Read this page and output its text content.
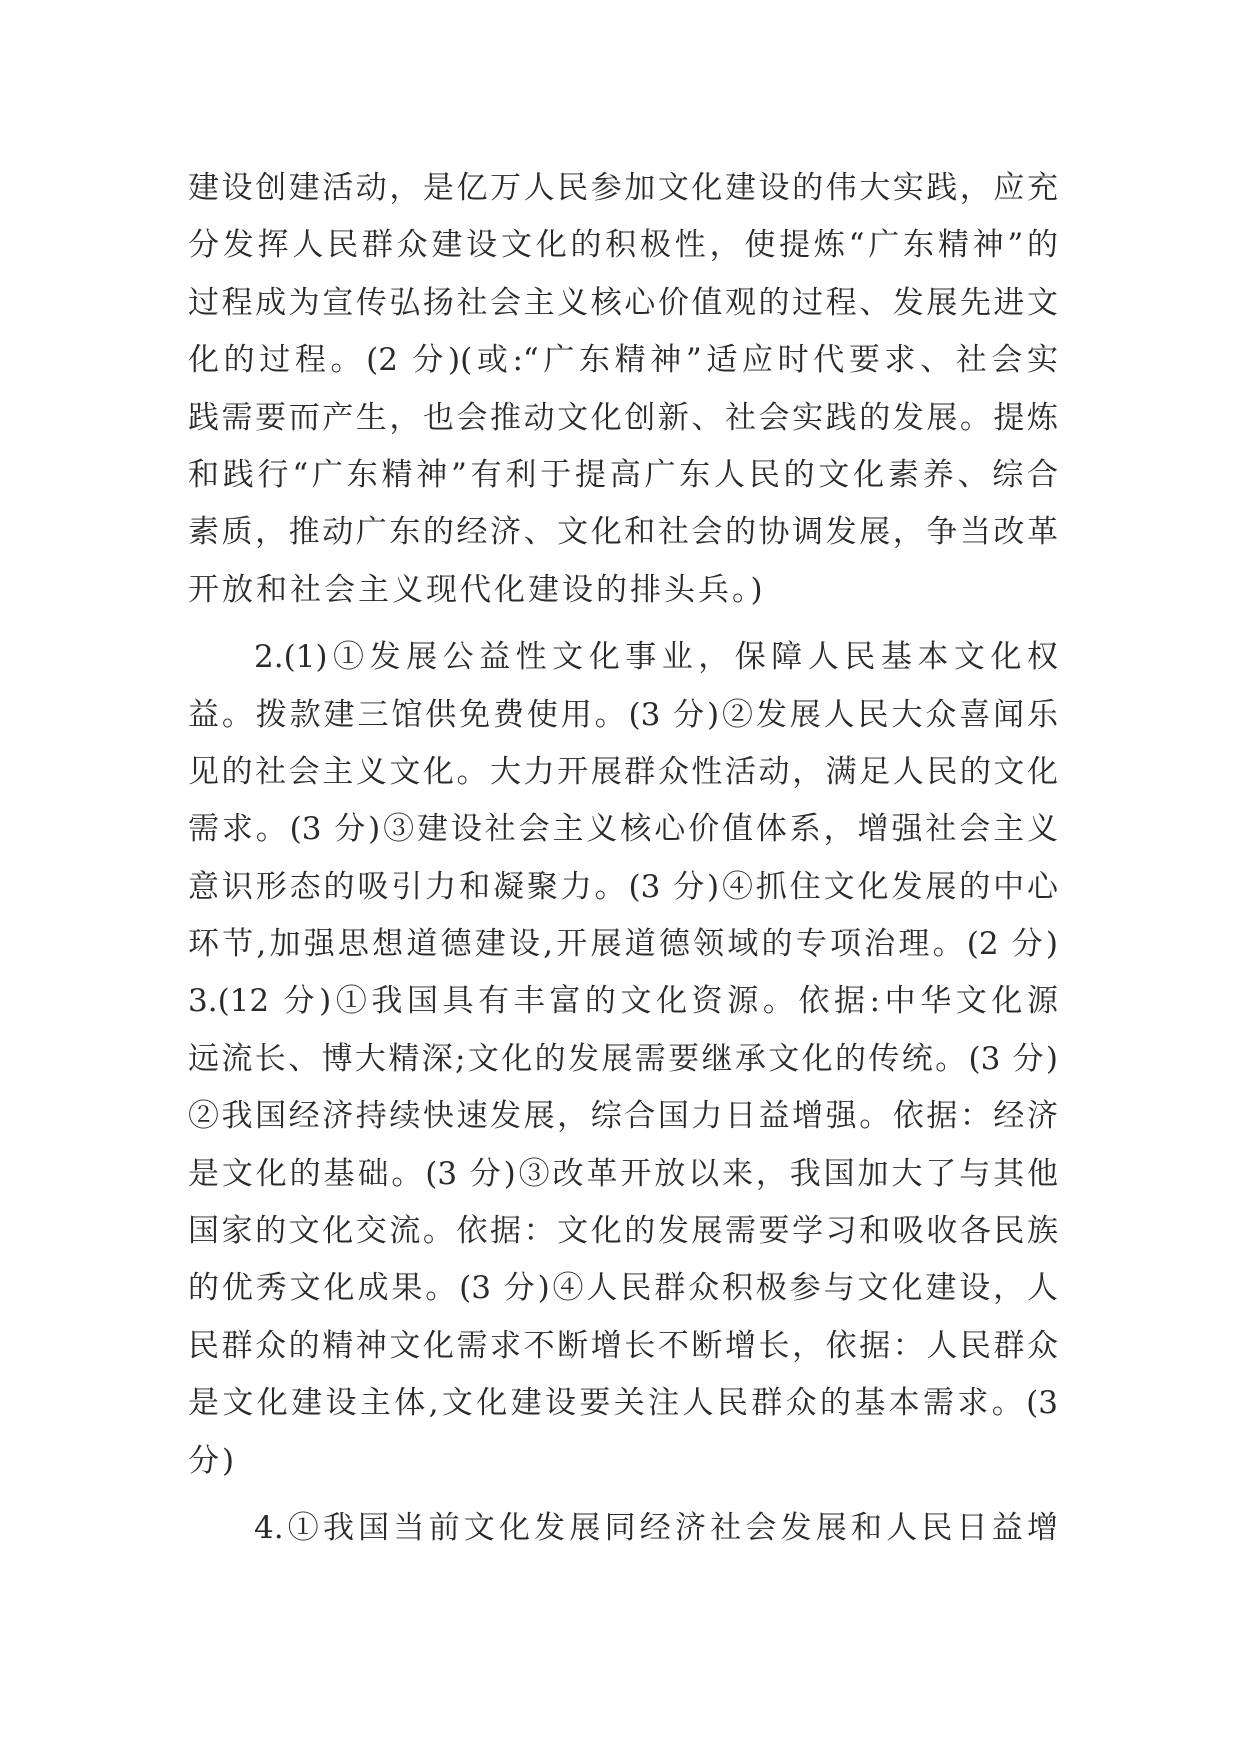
建设创建活动，是亿万人民参加文化建设的伟大实践，应充
分发挥人民群众建设文化的积极性，使提炼“广东精神”的
过程成为宣传弘扬社会主义核心价值观的过程、发展先进文
化的过程。(2 分)(或:“广东精神”适应时代要求、社会实
践需要而产生，也会推动文化创新、社会实践的发展。提炼
和践行“广东精神”有利于提高广东人民的文化素养、综合
素质，推动广东的经济、文化和社会的协调发展，争当改革
开放和社会主义现代化建设的排头兵。)
2.(1)①发展公益性文化事业，保障人民基本文化权
益。拨款建三馆供免费使用。(3 分)②发展人民大众喜闻乐
见的社会主义文化。大力开展群众性活动，满足人民的文化
需求。(3 分)③建设社会主义核心价值体系，增强社会主义
意识形态的吸引力和凝聚力。(3 分)④抓住文化发展的中心
环节,加强思想道德建设,开展道德领域的专项治理。(2 分)
3.(12 分)①我国具有丰富的文化资源。依据:中华文化源
远流长、博大精深;文化的发展需要继承文化的传统。(3 分)
②我国经济持续快速发展，综合国力日益增强。依据：经济
是文化的基础。(3 分)③改革开放以来，我国加大了与其他
国家的文化交流。依据：文化的发展需要学习和吸收各民族
的优秀文化成果。(3 分)④人民群众积极参与文化建设，人
民群众的精神文化需求不断增长不断增长，依据：人民群众
是文化建设主体,文化建设要关注人民群众的基本需求。(3
分)
4.①我国当前文化发展同经济社会发展和人民日益增
